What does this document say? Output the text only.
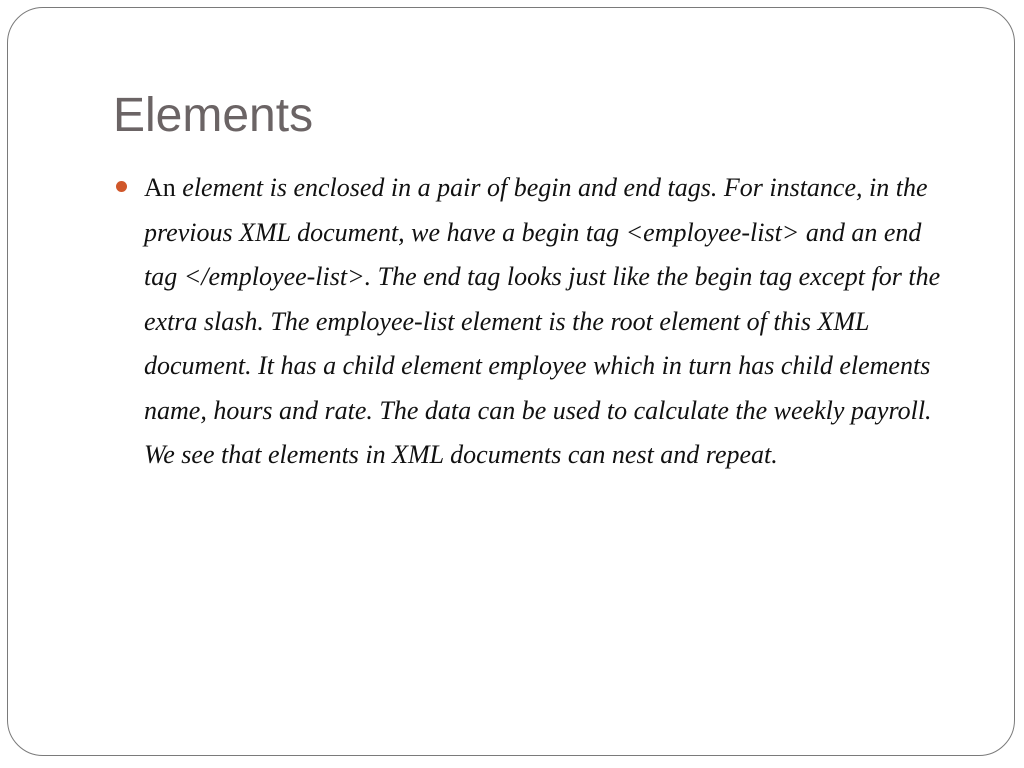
Elements
An element is enclosed in a pair of begin and end tags. For instance, in the previous XML document, we have a begin tag <employee-list> and an end tag </employee-list>. The end tag looks just like the begin tag except for the extra slash. The employee-list element is the root element of this XML document. It has a child element employee which in turn has child elements name, hours and rate. The data can be used to calculate the weekly payroll. We see that elements in XML documents can nest and repeat.
